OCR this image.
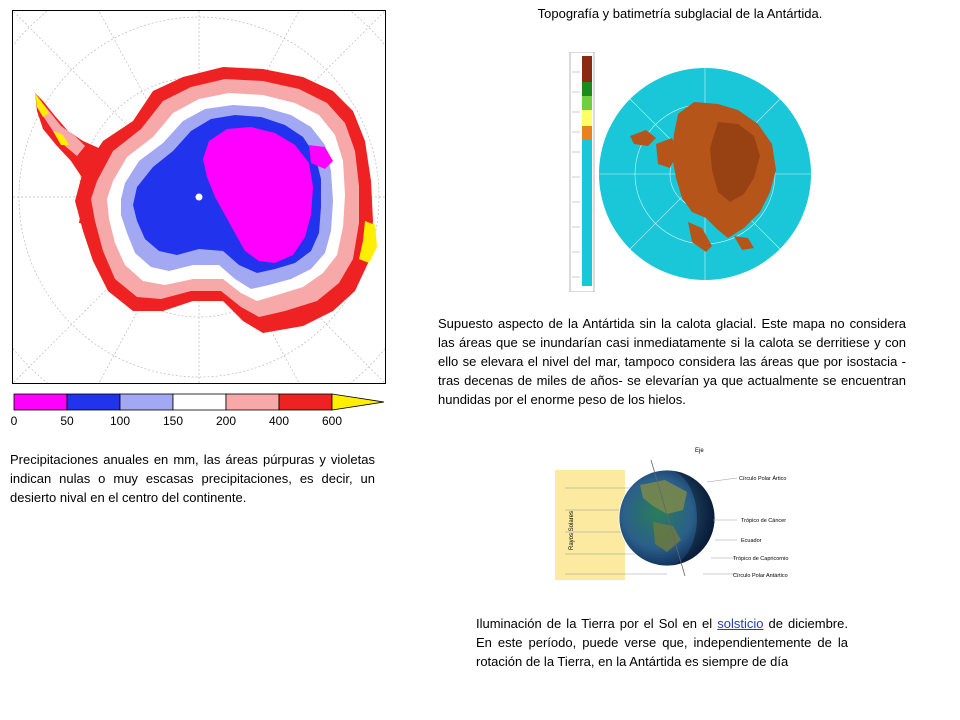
0	50	100	150	200	400	600
Precipitaciones anuales en mm, las áreas púrpuras y violetas indican nulas o muy escasas precipitaciones, es decir, un desierto nival en el centro del continente.
Topografía y batimetría subglacial de la Antártida.
Supuesto aspecto de la Antártida sin la calota glacial. Este mapa no considera las áreas que se inundarían casi inmediatamente si la calota se derritiese y con ello se elevara el nivel del mar, tampoco considera las áreas que por isostacia -tras decenas de miles de años- se elevarían ya que actualmente se encuentran hundidas por el enorme peso de los hielos.
Eje
Círculo Polar Ártico
Trópico de Cáncer
Ecuador
Trópico de Capricornio
Círculo Polar Antártico
Rayos Solares
Iluminación de la Tierra por el Sol en el solsticio de diciembre. En este período, puede verse que, independientemente de la rotación de la Tierra, en la Antártida es siempre de día
